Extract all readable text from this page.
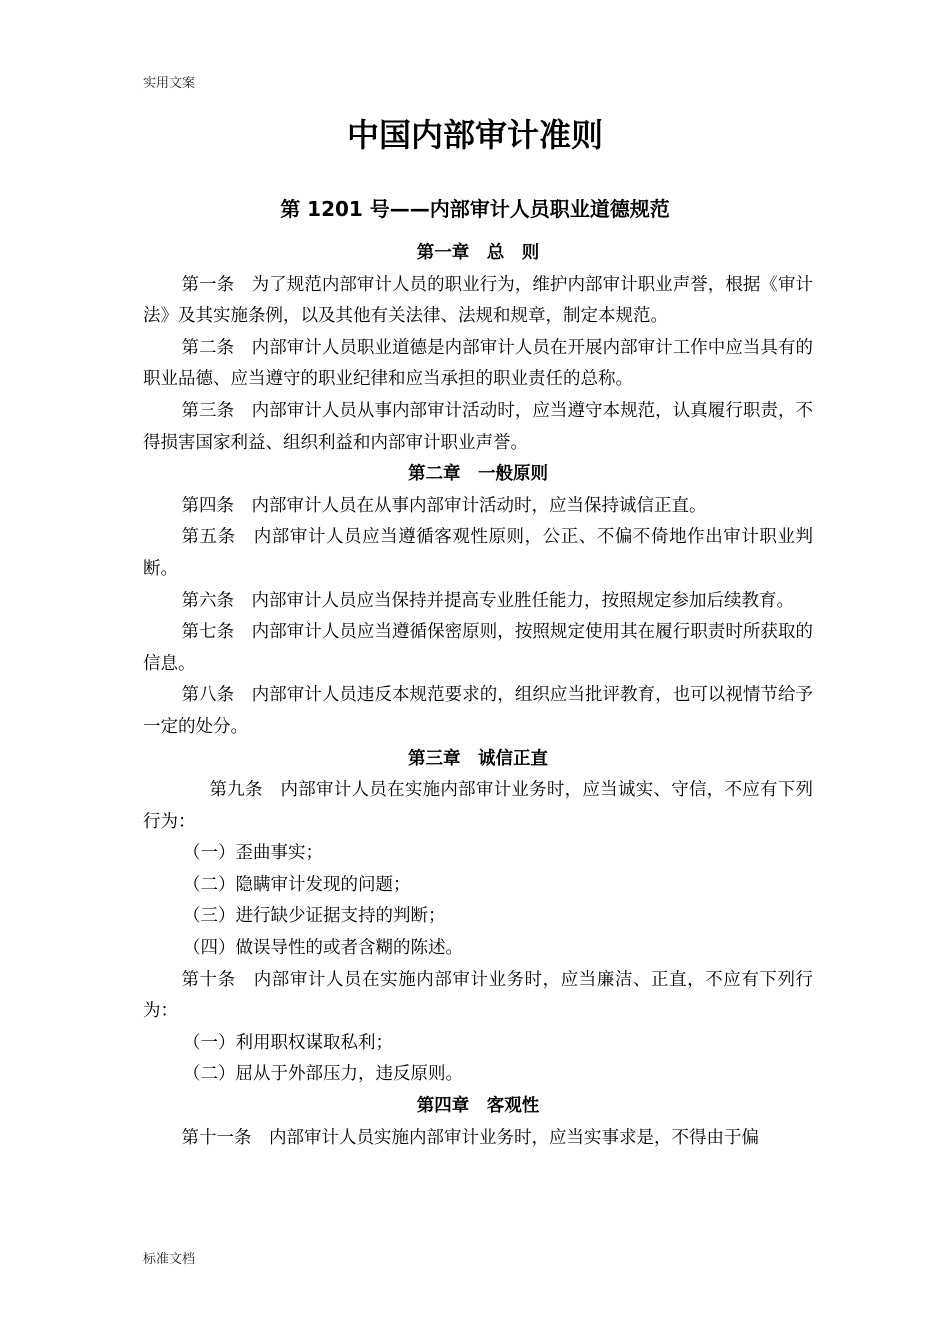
实用文案
中国内部审计准则
第 1201 号——内部审计人员职业道德规范

第一章　总　则

第一条　为了规范内部审计人员的职业行为，维护内部审计职业声誉，根据《审计法》及其实施条例，以及其他有关法律、法规和规章，制定本规范。

第二条　内部审计人员职业道德是内部审计人员在开展内部审计工作中应当具有的职业品德、应当遵守的职业纪律和应当承担的职业责任的总称。

第三条　内部审计人员从事内部审计活动时，应当遵守本规范，认真履行职责，不得损害国家利益、组织利益和内部审计职业声誉。

第二章　一般原则

第四条　内部审计人员在从事内部审计活动时，应当保持诚信正直。

第五条　内部审计人员应当遵循客观性原则，公正、不偏不倚地作出审计职业判断。

第六条　内部审计人员应当保持并提高专业胜任能力，按照规定参加后续教育。

第七条　内部审计人员应当遵循保密原则，按照规定使用其在履行职责时所获取的信息。

第八条　内部审计人员违反本规范要求的，组织应当批评教育，也可以视情节给予一定的处分。

第三章　诚信正直

第九条　内部审计人员在实施内部审计业务时，应当诚实、守信，不应有下列行为：

（一）歪曲事实；

（二）隐瞒审计发现的问题；

（三）进行缺少证据支持的判断；

（四）做误导性的或者含糊的陈述。

第十条　内部审计人员在实施内部审计业务时，应当廉洁、正直，不应有下列行为：

（一）利用职权谋取私利；

（二）屈从于外部压力，违反原则。

第四章　客观性

第十一条　内部审计人员实施内部审计业务时，应当实事求是，不得由于偏

标准文档
